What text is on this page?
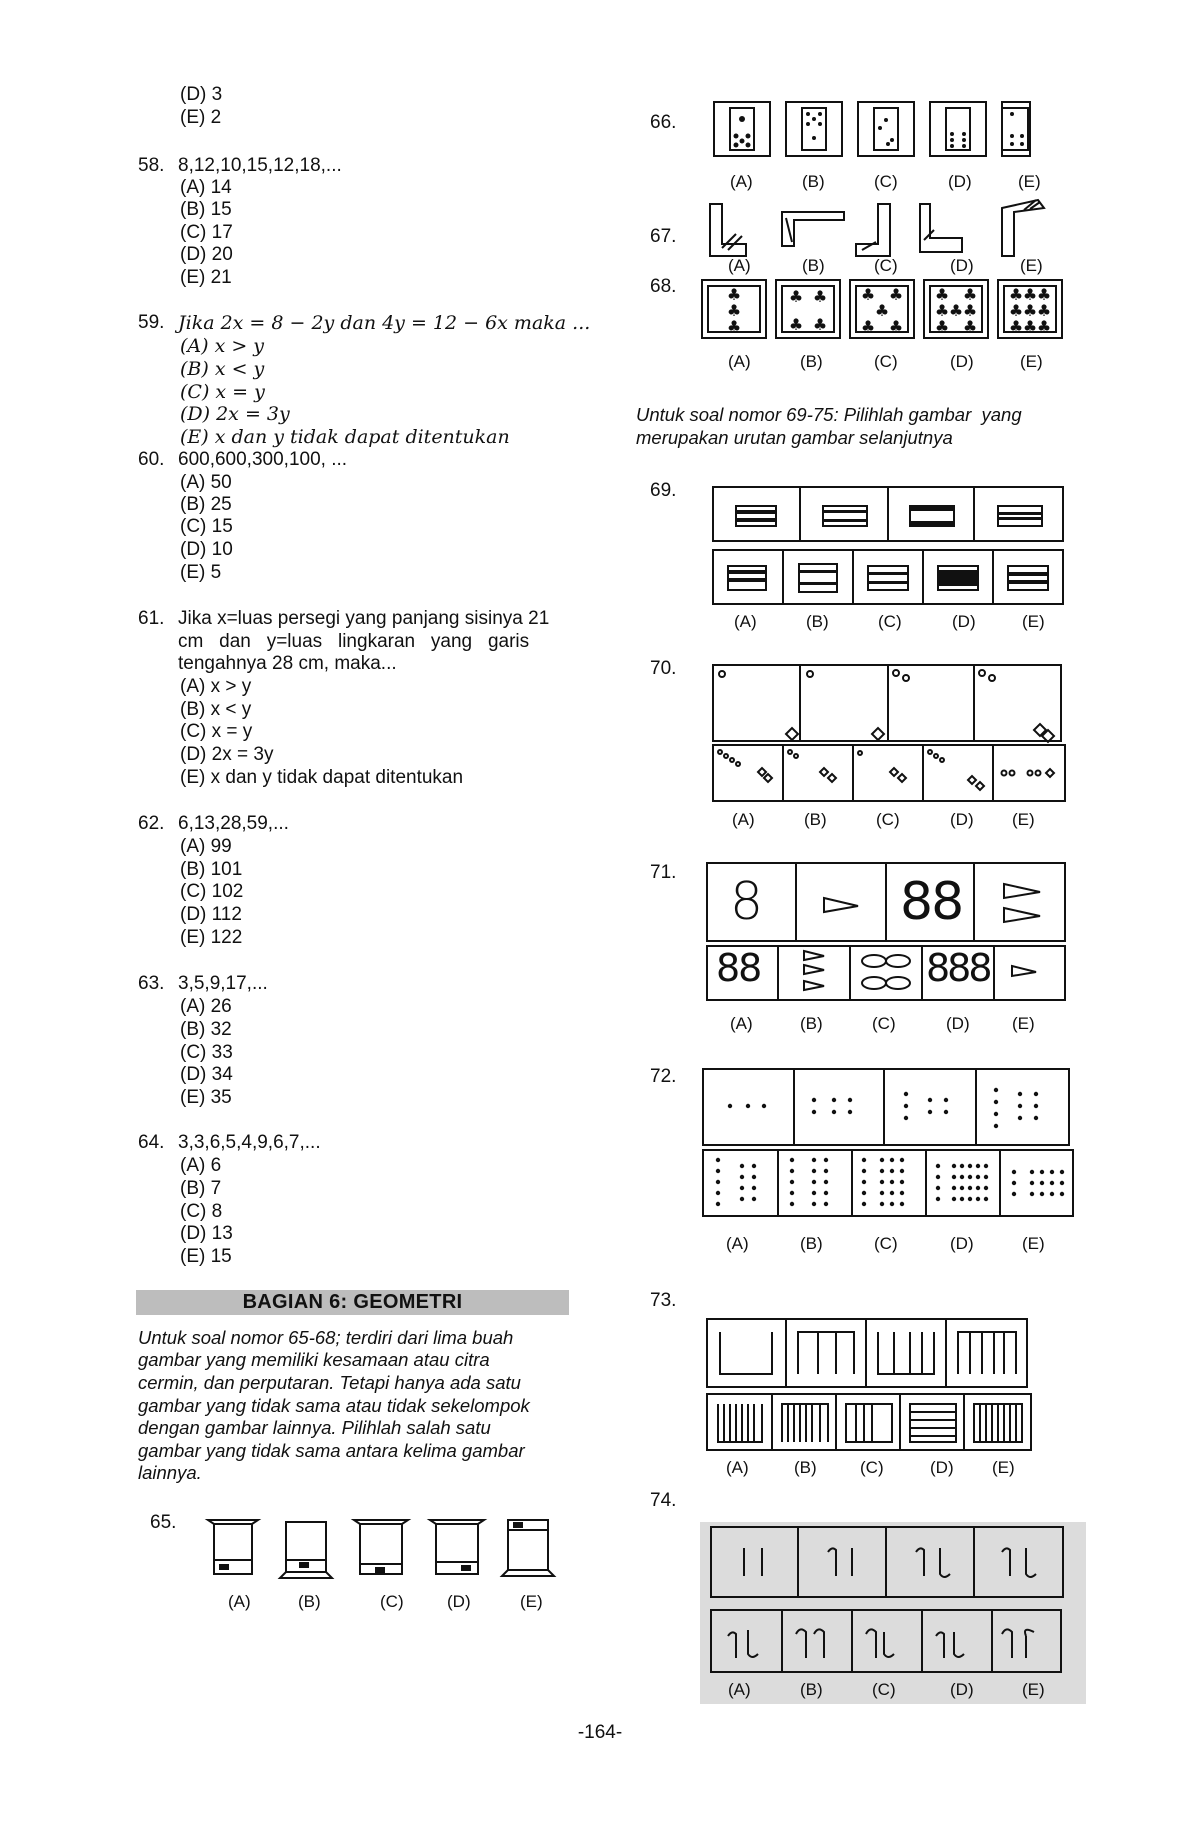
(D) 3
(E) 2
58. 8,12,10,15,12,18,...
(A) 14
(B) 15
(C) 17
(D) 20
(E) 21
59. Jika 2x = 8 − 2y dan 4y = 12 − 6x maka ...
(A) x > y
(B) x < y
(C) x = y
(D) 2x = 3y
(E) x dan y tidak dapat ditentukan
60. 600,600,300,100, ...
(A) 50
(B) 25
(C) 15
(D) 10
(E) 5
61. Jika x=luas persegi yang panjang sisinya 21
cm   dan   y=luas   lingkaran   yang   garis
tengahnya 28 cm, maka...
(A) x > y
(B) x < y
(C) x = y
(D) 2x = 3y
(E) x dan y tidak dapat ditentukan
62. 6,13,28,59,...
(A) 99
(B) 101
(C) 102
(D) 112
(E) 122
63. 3,5,9,17,...
(A) 26
(B) 32
(C) 33
(D) 34
(E) 35
64. 3,3,6,5,4,9,6,7,...
(A) 6
(B) 7
(C) 8
(D) 13
(E) 15
BAGIAN 6: GEOMETRI
Untuk soal nomor 65-68; terdiri dari lima buah
gambar yang memiliki kesamaan atau citra
cermin, dan perputaran. Tetapi hanya ada satu
gambar yang tidak sama atau tidak sekelompok
dengan gambar lainnya. Pilihlah salah satu
gambar yang tidak sama antara kelima gambar
lainnya.
65.
(A)	(B)	(C)	(D)	(E)
66.
(A)	(B)	(C)	(D)	(E)
67.
(A)	(B)	(C)	(D)	(E)
68.	♣
♣
♣
♣ ♣
♣ ♣
♣ ♣
♣
♣ ♣
♣ ♣
♣ ♣ ♣
♣ ♣
♣ ♣ ♣
♣ ♣ ♣
♣ ♣ ♣
(A)	(B)	(C)	(D)	(E)
Untuk soal nomor 69-75: Pilihlah gambar  yang
merupakan urutan gambar selanjutnya
69.
(A)	(B)	(C)	(D)	(E)
70.
(A)	(B)	(C)	(D) (E)
71. 8	88
88	888
(A)	(B)	(C)	(D) (E)
72.
(A)	(B)	(C)	(D)	(E)
73.
(A)	(B)	(C)	(D) (E)
74.
(A)	(B)	(C)	(D)	(E)
-164-
